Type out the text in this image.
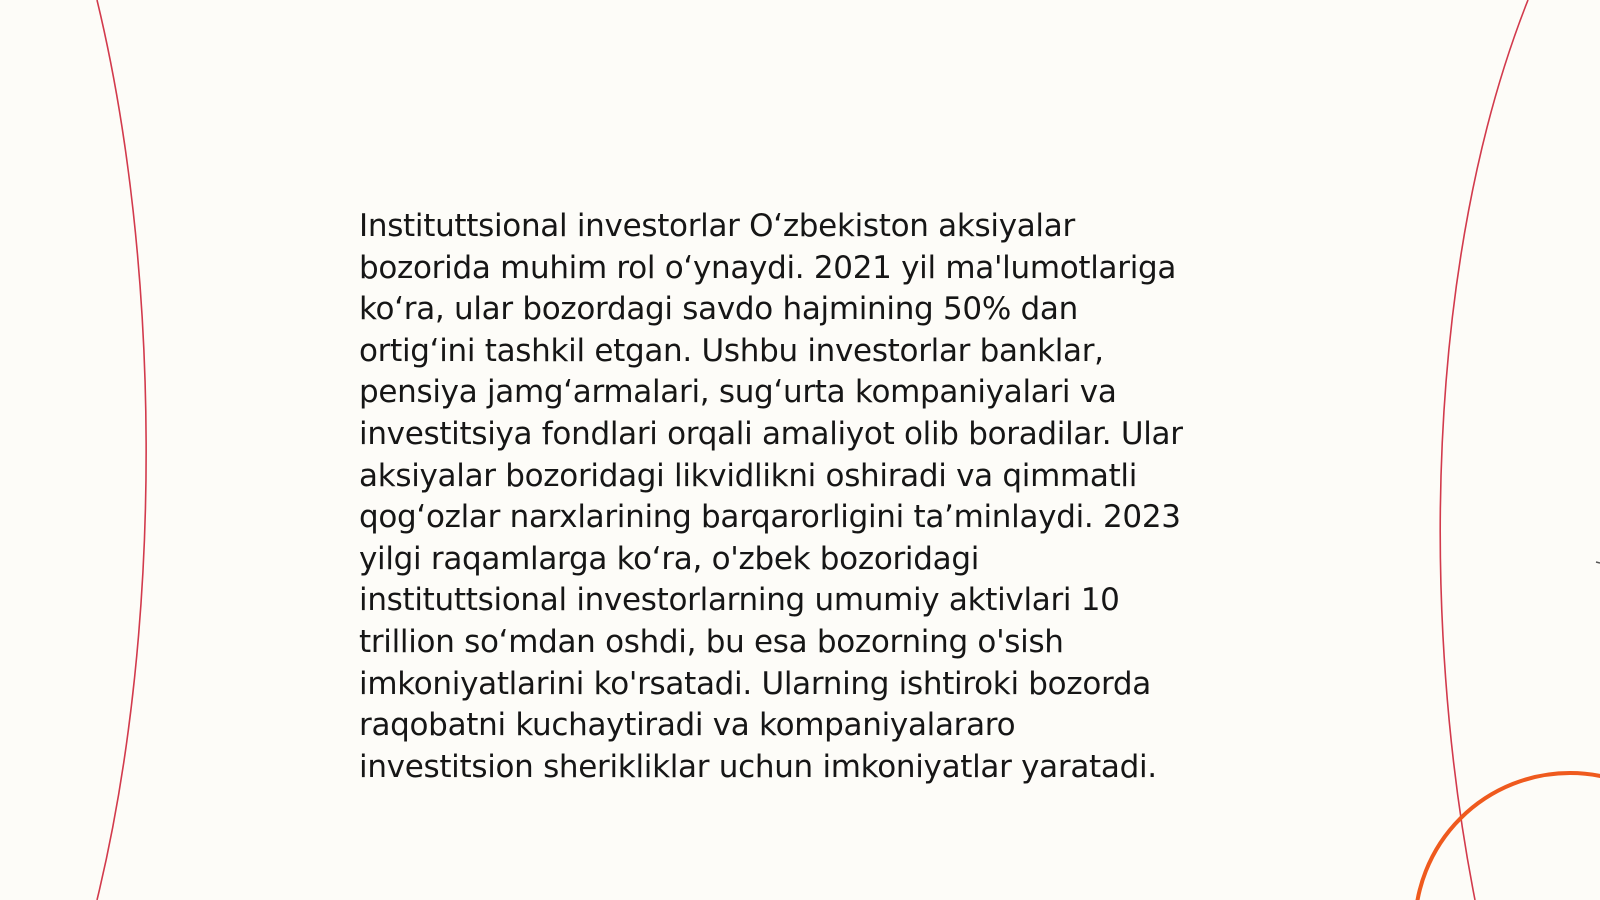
Instituttsional investorlar O‘zbekiston aksiyalar
bozorida muhim rol o‘ynaydi. 2021 yil ma'lumotlariga
ko‘ra, ular bozordagi savdo hajmining 50% dan
ortig‘ini tashkil etgan. Ushbu investorlar banklar,
pensiya jamg‘armalari, sug‘urta kompaniyalari va
investitsiya fondlari orqali amaliyot olib boradilar. Ular
aksiyalar bozoridagi likvidlikni oshiradi va qimmatli
qog‘ozlar narxlarining barqarorligini ta’minlaydi. 2023
yilgi raqamlarga ko‘ra, o'zbek bozoridagi
instituttsional investorlarning umumiy aktivlari 10
trillion so‘mdan oshdi, bu esa bozorning o'sish
imkoniyatlarini ko'rsatadi. Ularning ishtiroki bozorda
raqobatni kuchaytiradi va kompaniyalararo
investitsion sherikliklar uchun imkoniyatlar yaratadi.
